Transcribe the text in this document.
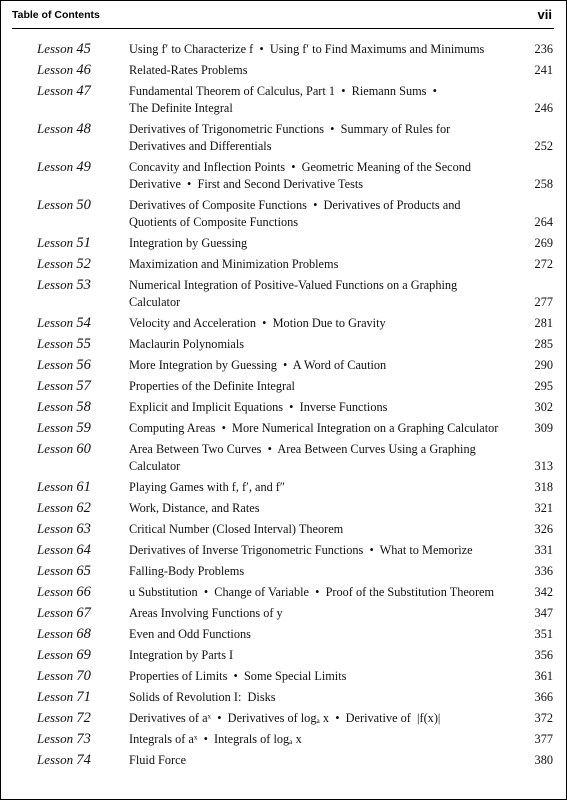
Table of Contents	vii
Lesson 45	Using f′ to Characterize f  •  Using f′ to Find Maximums and Minimums	236
Lesson 46	Related-Rates Problems	241
Lesson 47	Fundamental Theorem of Calculus, Part 1  •  Riemann Sums  •
The Definite Integral	246
Lesson 48	Derivatives of Trigonometric Functions  •  Summary of Rules for
Derivatives and Differentials	252
Lesson 49	Concavity and Inflection Points  •  Geometric Meaning of the Second
Derivative  •  First and Second Derivative Tests	258
Lesson 50	Derivatives of Composite Functions  •  Derivatives of Products and
Quotients of Composite Functions	264
Lesson 51	Integration by Guessing	269
Lesson 52	Maximization and Minimization Problems	272
Lesson 53	Numerical Integration of Positive-Valued Functions on a Graphing
Calculator	277
Lesson 54	Velocity and Acceleration  •  Motion Due to Gravity	281
Lesson 55	Maclaurin Polynomials	285
Lesson 56	More Integration by Guessing  •  A Word of Caution	290
Lesson 57	Properties of the Definite Integral	295
Lesson 58	Explicit and Implicit Equations  •  Inverse Functions	302
Lesson 59	Computing Areas  •  More Numerical Integration on a Graphing Calculator	309
Lesson 60	Area Between Two Curves  •  Area Between Curves Using a Graphing
Calculator	313
Lesson 61	Playing Games with f, f′, and f″	318
Lesson 62	Work, Distance, and Rates	321
Lesson 63	Critical Number (Closed Interval) Theorem	326
Lesson 64	Derivatives of Inverse Trigonometric Functions  •  What to Memorize	331
Lesson 65	Falling-Body Problems	336
Lesson 66	u Substitution  •  Change of Variable  •  Proof of the Substitution Theorem	342
Lesson 67	Areas Involving Functions of y	347
Lesson 68	Even and Odd Functions	351
Lesson 69	Integration by Parts I	356
Lesson 70	Properties of Limits  •  Some Special Limits	361
Lesson 71	Solids of Revolution I:  Disks	366
Lesson 72	Derivatives of aˣ  •  Derivatives of logₐ x  •  Derivative of  |f(x)|	372
Lesson 73	Integrals of aˣ  •  Integrals of logₐ x	377
Lesson 74	Fluid Force	380
